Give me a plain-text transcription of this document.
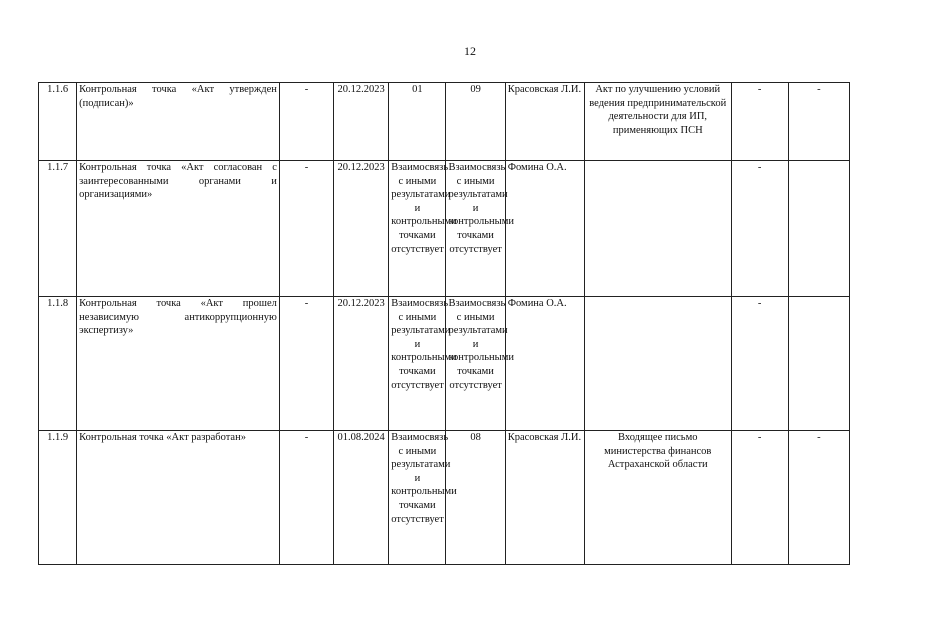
12
1.1.6	Контрольная точка «Акт утвержден (подписан)»	-	20.12.2023	01	09	Красовская Л.И.	Акт по улучшению условий ведения предпринимательской деятельности для ИП, применяющих ПСН	-	-
1.1.7	Контрольная точка «Акт согласован с заинтересованными органами и организациями»	-	20.12.2023	Взаимосвязь с иными результатами и контрольными точками отсутствует	Взаимосвязь с иными результатами и контрольными точками отсутствует	Фомина О.А.		-	
1.1.8	Контрольная точка «Акт прошел независимую антикоррупционную экспертизу»	-	20.12.2023	Взаимосвязь с иными результатами и контрольными точками отсутствует	Взаимосвязь с иными результатами и контрольными точками отсутствует	Фомина О.А.		-	
1.1.9	Контрольная точка «Акт разработан»	-	01.08.2024	Взаимосвязь с иными результатами и контрольными точками отсутствует	08	Красовская Л.И.	Входящее письмо министерства финансов Астраханской области	-	-
